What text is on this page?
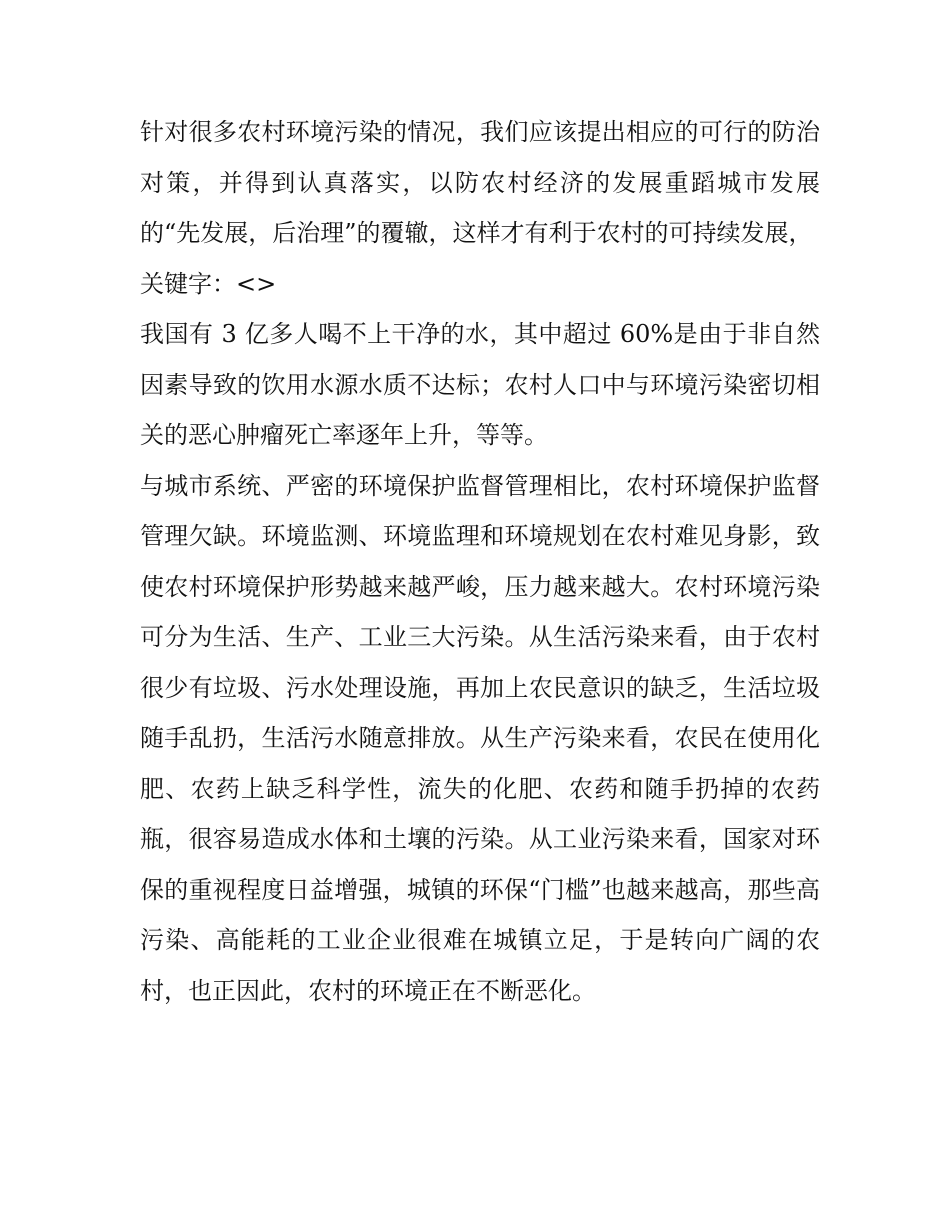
针对很多农村环境污染的情况，我们应该提出相应的可行的防治对策，并得到认真落实，以防农村经济的发展重蹈城市发展的“先发展，后治理”的覆辙，这样才有利于农村的可持续发展，

关键字：<>

我国有 3 亿多人喝不上干净的水，其中超过 60%是由于非自然因素导致的饮用水源水质不达标；农村人口中与环境污染密切相关的恶心肿瘤死亡率逐年上升，等等。

与城市系统、严密的环境保护监督管理相比，农村环境保护监督管理欠缺。环境监测、环境监理和环境规划在农村难见身影，致使农村环境保护形势越来越严峻，压力越来越大。农村环境污染可分为生活、生产、工业三大污染。从生活污染来看，由于农村很少有垃圾、污水处理设施，再加上农民意识的缺乏，生活垃圾随手乱扔，生活污水随意排放。从生产污染来看，农民在使用化肥、农药上缺乏科学性，流失的化肥、农药和随手扔掉的农药瓶，很容易造成水体和土壤的污染。从工业污染来看，国家对环保的重视程度日益增强，城镇的环保“门槛”也越来越高，那些高污染、高能耗的工业企业很难在城镇立足，于是转向广阔的农村，也正因此，农村的环境正在不断恶化。
